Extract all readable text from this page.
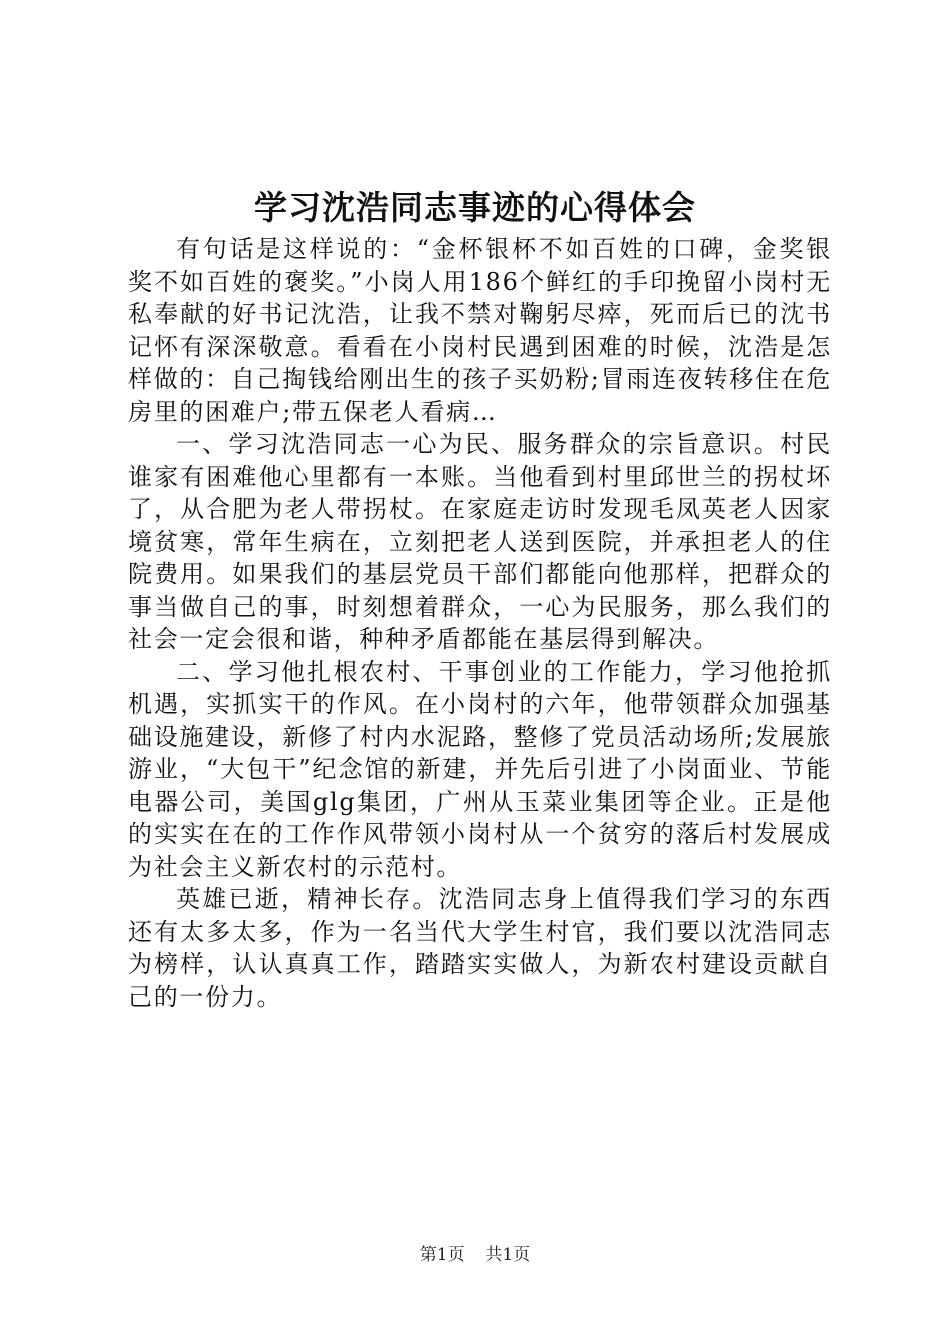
学习沈浩同志事迹的心得体会

有句话是这样说的：“金杯银杯不如百姓的口碑，金奖银奖不如百姓的褒奖。”小岗人用186个鲜红的手印挽留小岗村无私奉献的好书记沈浩，让我不禁对鞠躬尽瘁，死而后已的沈书记怀有深深敬意。看看在小岗村民遇到困难的时候，沈浩是怎样做的：自己掏钱给刚出生的孩子买奶粉;冒雨连夜转移住在危房里的困难户;带五保老人看病…

一、学习沈浩同志一心为民、服务群众的宗旨意识。村民谁家有困难他心里都有一本账。当他看到村里邱世兰的拐杖坏了，从合肥为老人带拐杖。在家庭走访时发现毛凤英老人因家境贫寒，常年生病在，立刻把老人送到医院，并承担老人的住院费用。如果我们的基层党员干部们都能向他那样，把群众的事当做自己的事，时刻想着群众，一心为民服务，那么我们的社会一定会很和谐，种种矛盾都能在基层得到解决。

二、学习他扎根农村、干事创业的工作能力，学习他抢抓机遇，实抓实干的作风。在小岗村的六年，他带领群众加强基础设施建设，新修了村内水泥路，整修了党员活动场所;发展旅游业，“大包干”纪念馆的新建，并先后引进了小岗面业、节能电器公司，美国glg集团，广州从玉菜业集团等企业。正是他的实实在在的工作作风带领小岗村从一个贫穷的落后村发展成为社会主义新农村的示范村。

英雄已逝，精神长存。沈浩同志身上值得我们学习的东西还有太多太多，作为一名当代大学生村官，我们要以沈浩同志为榜样，认认真真工作，踏踏实实做人，为新农村建设贡献自己的一份力。

第1页 共1页
